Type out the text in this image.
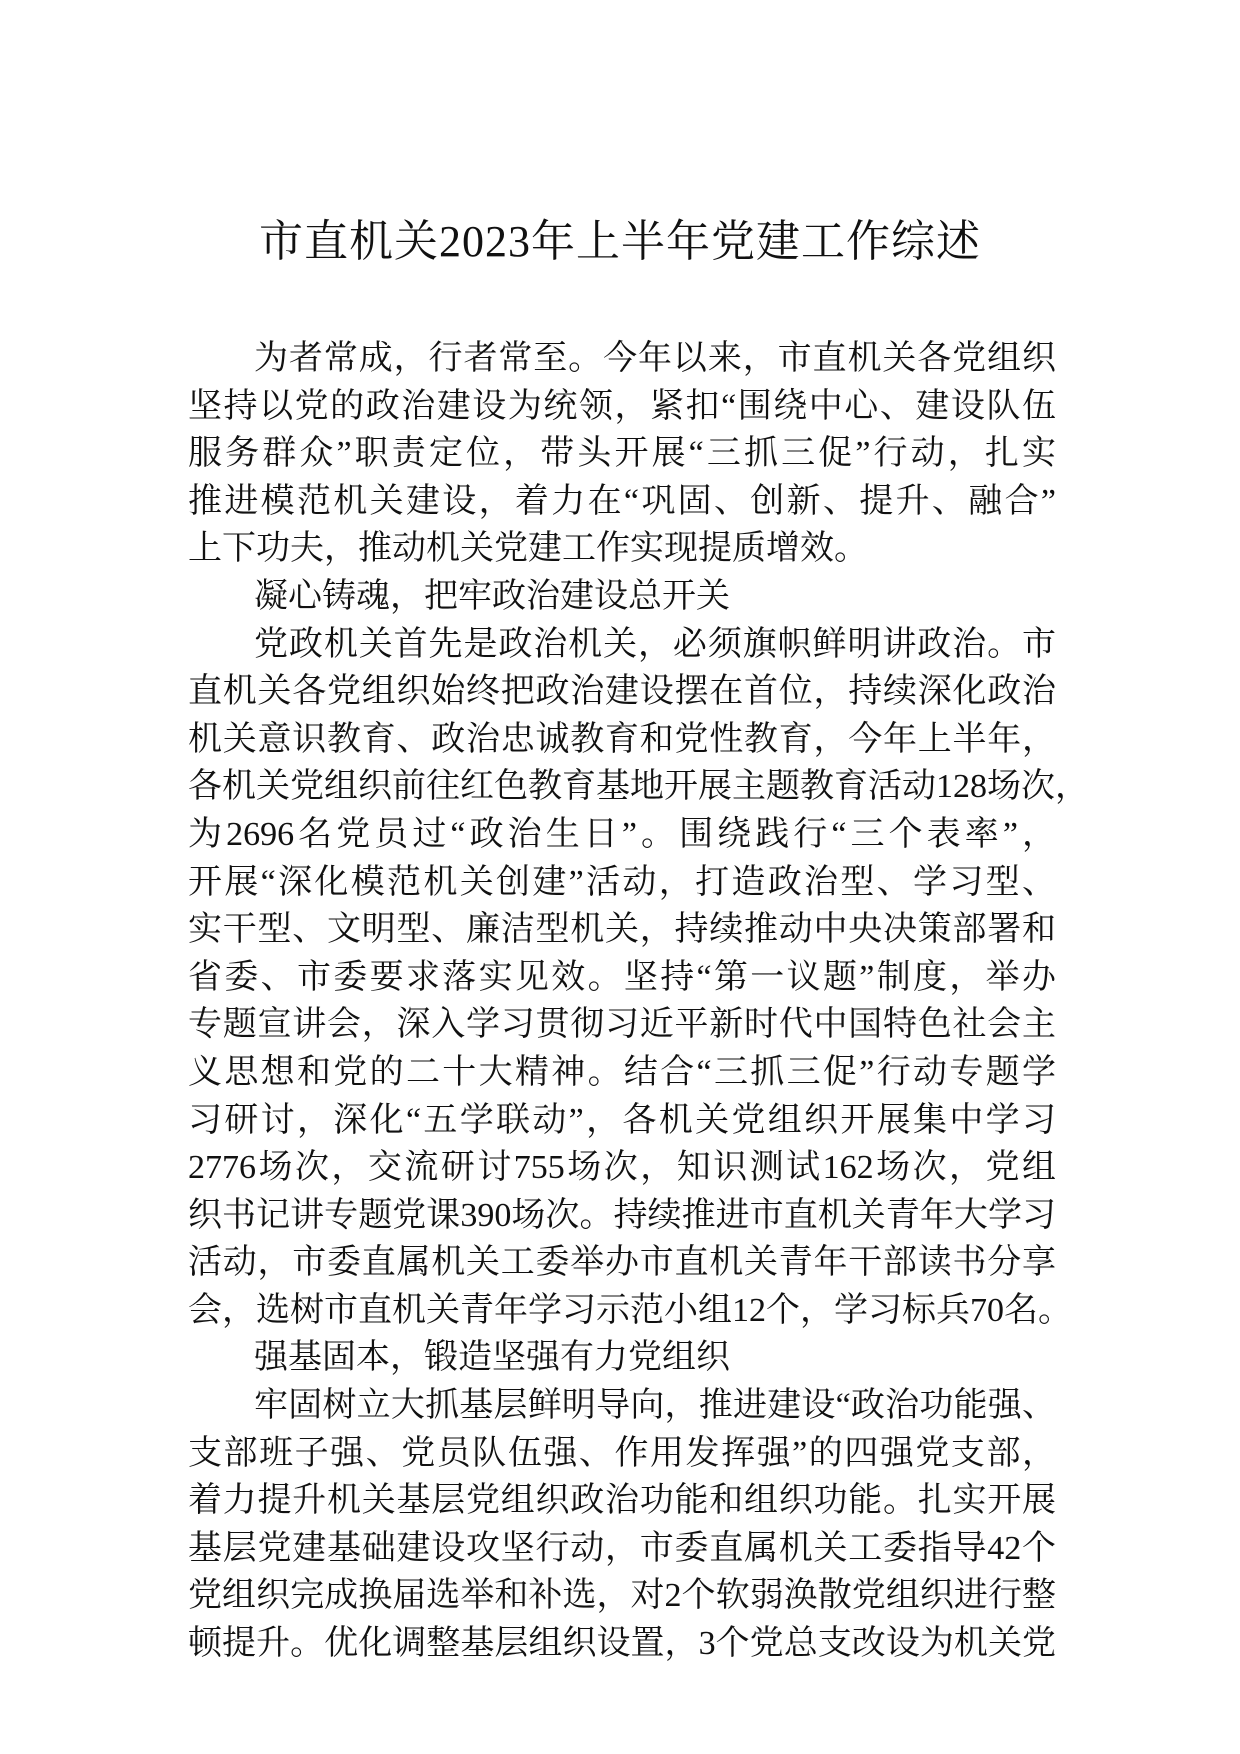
市直机关2023年上半年党建工作综述
为者常成，行者常至。今年以来，市直机关各党组织
坚持以党的政治建设为统领，紧扣“围绕中心、建设队伍
服务群众”职责定位，带头开展“三抓三促”行动，扎实
推进模范机关建设，着力在“巩固、创新、提升、融合”
上下功夫，推动机关党建工作实现提质增效。
凝心铸魂，把牢政治建设总开关
党政机关首先是政治机关，必须旗帜鲜明讲政治。市
直机关各党组织始终把政治建设摆在首位，持续深化政治
机关意识教育、政治忠诚教育和党性教育，今年上半年，
各机关党组织前往红色教育基地开展主题教育活动128场次，
为2696名党员过“政治生日”。围绕践行“三个表率”，
开展“深化模范机关创建”活动，打造政治型、学习型、
实干型、文明型、廉洁型机关，持续推动中央决策部署和
省委、市委要求落实见效。坚持“第一议题”制度，举办
专题宣讲会，深入学习贯彻习近平新时代中国特色社会主
义思想和党的二十大精神。结合“三抓三促”行动专题学
习研讨，深化“五学联动”，各机关党组织开展集中学习
2776场次，交流研讨755场次，知识测试162场次，党组
织书记讲专题党课390场次。持续推进市直机关青年大学习
活动，市委直属机关工委举办市直机关青年干部读书分享
会，选树市直机关青年学习示范小组12个，学习标兵70名。
强基固本，锻造坚强有力党组织
牢固树立大抓基层鲜明导向，推进建设“政治功能强、
支部班子强、党员队伍强、作用发挥强”的四强党支部，
着力提升机关基层党组织政治功能和组织功能。扎实开展
基层党建基础建设攻坚行动，市委直属机关工委指导42个
党组织完成换届选举和补选，对2个软弱涣散党组织进行整
顿提升。优化调整基层组织设置，3个党总支改设为机关党
